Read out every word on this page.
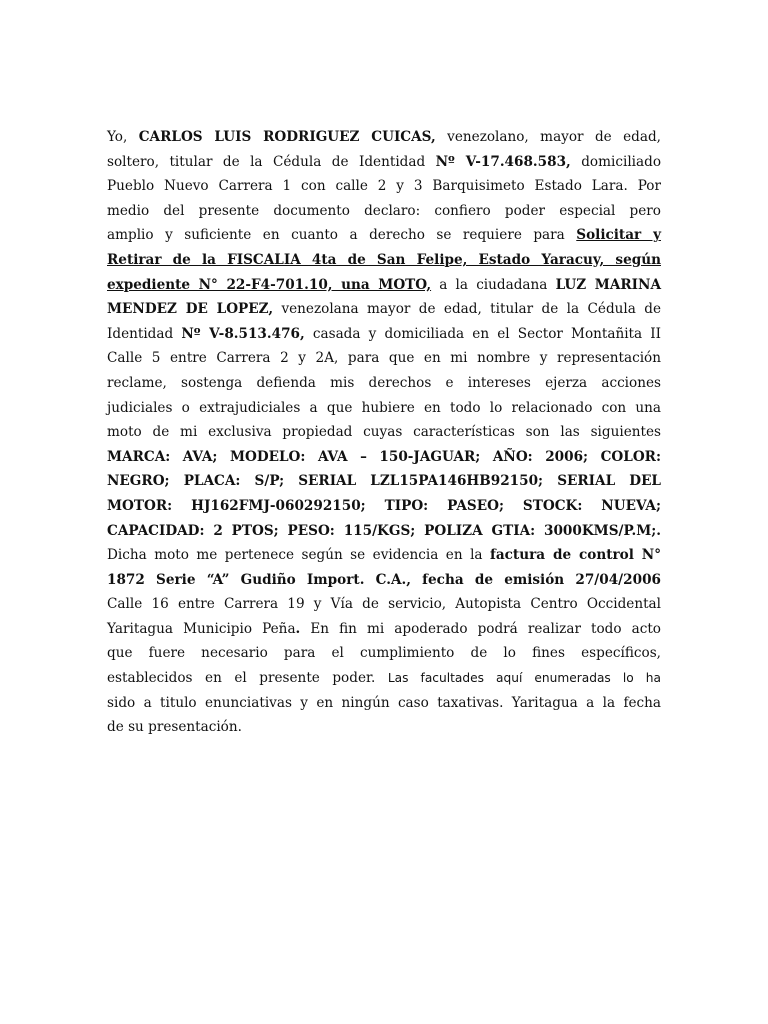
Yo, CARLOS LUIS RODRIGUEZ CUICAS, venezolano, mayor de edad,
soltero, titular de la Cédula de Identidad Nº V-17.468.583, domiciliado
Pueblo Nuevo Carrera 1 con calle 2 y 3 Barquisimeto Estado Lara. Por
medio del presente documento declaro: confiero poder especial pero
amplio y suficiente en cuanto a derecho se requiere para Solicitar y
Retirar de la FISCALIA 4ta de San Felipe, Estado Yaracuy, según
expediente N° 22-F4-701.10, una MOTO, a la ciudadana LUZ MARINA
MENDEZ DE LOPEZ, venezolana mayor de edad, titular de la Cédula de
Identidad Nº V-8.513.476, casada y domiciliada en el Sector Montañita II
Calle 5 entre Carrera 2 y 2A, para que en mi nombre y representación
reclame, sostenga defienda mis derechos e intereses ejerza acciones
judiciales o extrajudiciales a que hubiere en todo lo relacionado con una
moto de mi exclusiva propiedad cuyas características son las siguientes
MARCA: AVA; MODELO: AVA – 150-JAGUAR; AÑO: 2006; COLOR:
NEGRO; PLACA: S/P; SERIAL LZL15PA146HB92150; SERIAL DEL
MOTOR: HJ162FMJ-060292150; TIPO: PASEO; STOCK: NUEVA;
CAPACIDAD: 2 PTOS; PESO: 115/KGS; POLIZA GTIA: 3000KMS/P.M;.
Dicha moto me pertenece según se evidencia en la factura de control N°
1872 Serie “A” Gudiño Import. C.A., fecha de emisión 27/04/2006
Calle 16 entre Carrera 19 y Vía de servicio, Autopista Centro Occidental
Yaritagua Municipio Peña. En fin mi apoderado podrá realizar todo acto
que fuere necesario para el cumplimiento de lo fines específicos,
establecidos en el presente poder. Las facultades aquí enumeradas lo ha
sido a titulo enunciativas y en ningún caso taxativas. Yaritagua a la fecha
de su presentación.
